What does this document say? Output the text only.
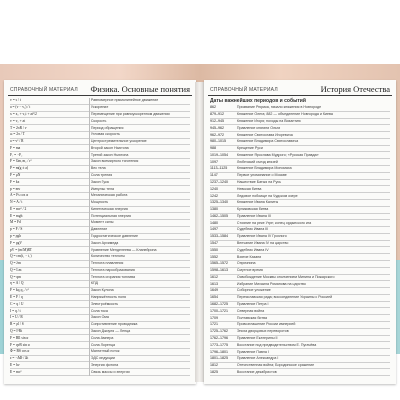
СПРАВОЧНЫЙ МАТЕРИАЛ Физика. Основные понятия
v = s / t	Равномерное прямолинейное движение
a = (v − v₀) / t	Ускорение
x = x₀ + v₀t + at²/2	Перемещение при равноускоренном движении
v = v₀ + at	Скорость
T = 2πR / v	Период обращения
ω = 2π / T	Угловая скорость
a = v² / R	Центростремительное ускорение
F = ma	Второй закон Ньютона
F₁ = −F₂	Третий закон Ньютона
F = Gm₁m₂ / r²	Закон всемирного тяготения
P = m(g ± a)	Вес тела
F = μN	Сила трения
F = kx	Закон Гука
p = mv	Импульс тела
A = Fs cos α	Механическая работа
N = A / t	Мощность
E = mv² / 2	Кинетическая энергия
E = mgh	Потенциальная энергия
M = Fd	Момент силы
p = F / S	Давление
p = ρgh	Гидростатическое давление
F = ρgV	Закон Архимеда
pV = (m/M)RT	Уравнение Менделеева — Клапейрона
Q = cm(t₂ − t₁)	Количество теплоты
Q = λm	Теплота плавления
Q = Lm	Теплота парообразования
Q = qm	Теплота сгорания топлива
η = A / Q	КПД
F = kq₁q₂ / r²	Закон Кулона
E = F / q	Напряжённость поля
C = q / U	Электроёмкость
I = q / t	Сила тока
I = U / R	Закон Ома
R = ρl / S	Сопротивление проводника
Q = I²Rt	Закон Джоуля — Ленца
F = BIl sin α	Сила Ампера
F = qvB sin α	Сила Лоренца
Φ = BS cos α	Магнитный поток
ε = −ΔΦ / Δt	ЭДС индукции
E = hν	Энергия фотона
E = mc²	Связь массы и энергии
СПРАВОЧНЫЙ МАТЕРИАЛ	История Отечества
Даты важнейших периодов и событий
862	Призвание Рюрика, начало княжения в Новгороде
879–912	Княжение Олега; 882 — объединение Новгорода и Киева
912–945	Княжение Игоря; походы на Византию
945–962	Правление княгини Ольги
962–972	Княжение Святослава Игоревича
980–1015	Княжение Владимира Святославича
988	Крещение Руси
1019–1054	Княжение Ярослава Мудрого; «Русская Правда»
1097	Любечский съезд князей
1113–1125	Княжение Владимира Мономаха
1147	Первое упоминание о Москве
1237–1240	Нашествие Батыя на Русь
1240	Невская битва
1242	Ледовое побоище на Чудском озере
1325–1340	Княжение Ивана Калиты
1380	Куликовская битва
1462–1505	Правление Ивана III
1480	Стояние на реке Угре; конец ордынского ига
1497	Судебник Ивана III
1533–1584	Правление Ивана IV Грозного
1547	Венчание Ивана IV на царство
1550	Судебник Ивана IV
1552	Взятие Казани
1565–1572	Опричнина
1598–1613	Смутное время
1612	Освобождение Москвы ополчением Минина и Пожарского
1613	Избрание Михаила Романова на царство
1649	Соборное уложение
1654	Переяславская рада; воссоединение Украины с Россией
1682–1725	Правление Петра I
1700–1721	Северная война
1709	Полтавская битва
1721	Провозглашение России империей
1725–1762	Эпоха дворцовых переворотов
1762–1796	Правление Екатерины II
1773–1775	Восстание под предводительством Е. Пугачёва
1796–1801	Правление Павла I
1801–1825	Правление Александра I
1812	Отечественная война; Бородинское сражение
1825	Восстание декабристов
